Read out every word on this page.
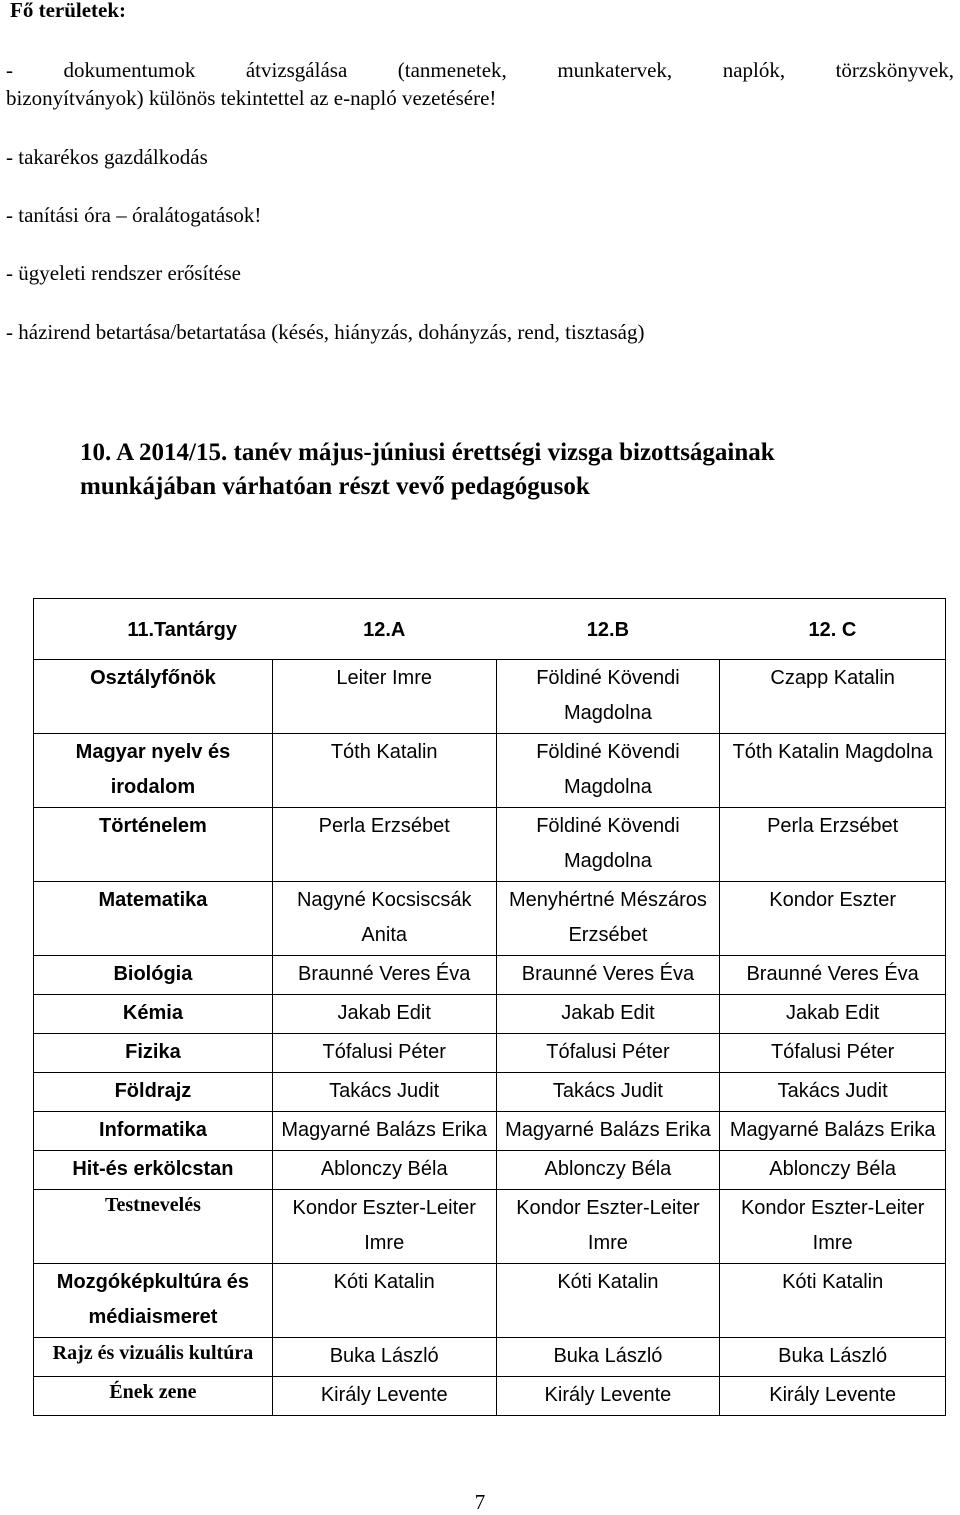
Fő területek:
- dokumentumok átvizsgálása (tanmenetek, munkatervek, naplók, törzskönyvek,
bizonyítványok) különös tekintettel az e-napló vezetésére!
- takarékos gazdálkodás
- tanítási óra – óralátogatások!
- ügyeleti rendszer erősítése
- házirend betartása/betartatása (késés, hiányzás, dohányzás, rend, tisztaság)
10. A 2014/15. tanév május-júniusi érettségi vizsga bizottságainak
munkájában várhatóan részt vevő pedagógusok
11.Tantárgy	12.A	12.B	12. C
Osztályfőnök	Leiter Imre	Földiné Kövendi Magdolna	Czapp Katalin
Magyar nyelv és irodalom	Tóth Katalin	Földiné Kövendi Magdolna	Tóth Katalin Magdolna
Történelem	Perla Erzsébet	Földiné Kövendi Magdolna	Perla Erzsébet
Matematika	Nagyné Kocsiscsák Anita	Menyhértné Mészáros Erzsébet	Kondor Eszter
Biológia	Braunné Veres Éva	Braunné Veres Éva	Braunné Veres Éva
Kémia	Jakab Edit	Jakab Edit	Jakab Edit
Fizika	Tófalusi Péter	Tófalusi Péter	Tófalusi Péter
Földrajz	Takács Judit	Takács Judit	Takács Judit
Informatika	Magyarné Balázs Erika	Magyarné Balázs Erika	Magyarné Balázs Erika
Hit-és erkölcstan	Ablonczy Béla	Ablonczy Béla	Ablonczy Béla
Testnevelés	Kondor Eszter-Leiter Imre	Kondor Eszter-Leiter Imre	Kondor Eszter-Leiter Imre
Mozgóképkultúra és médiaismeret	Kóti Katalin	Kóti Katalin	Kóti Katalin
Rajz és vizuális kultúra	Buka László	Buka László	Buka László
Ének zene	Király Levente	Király Levente	Király Levente
7
